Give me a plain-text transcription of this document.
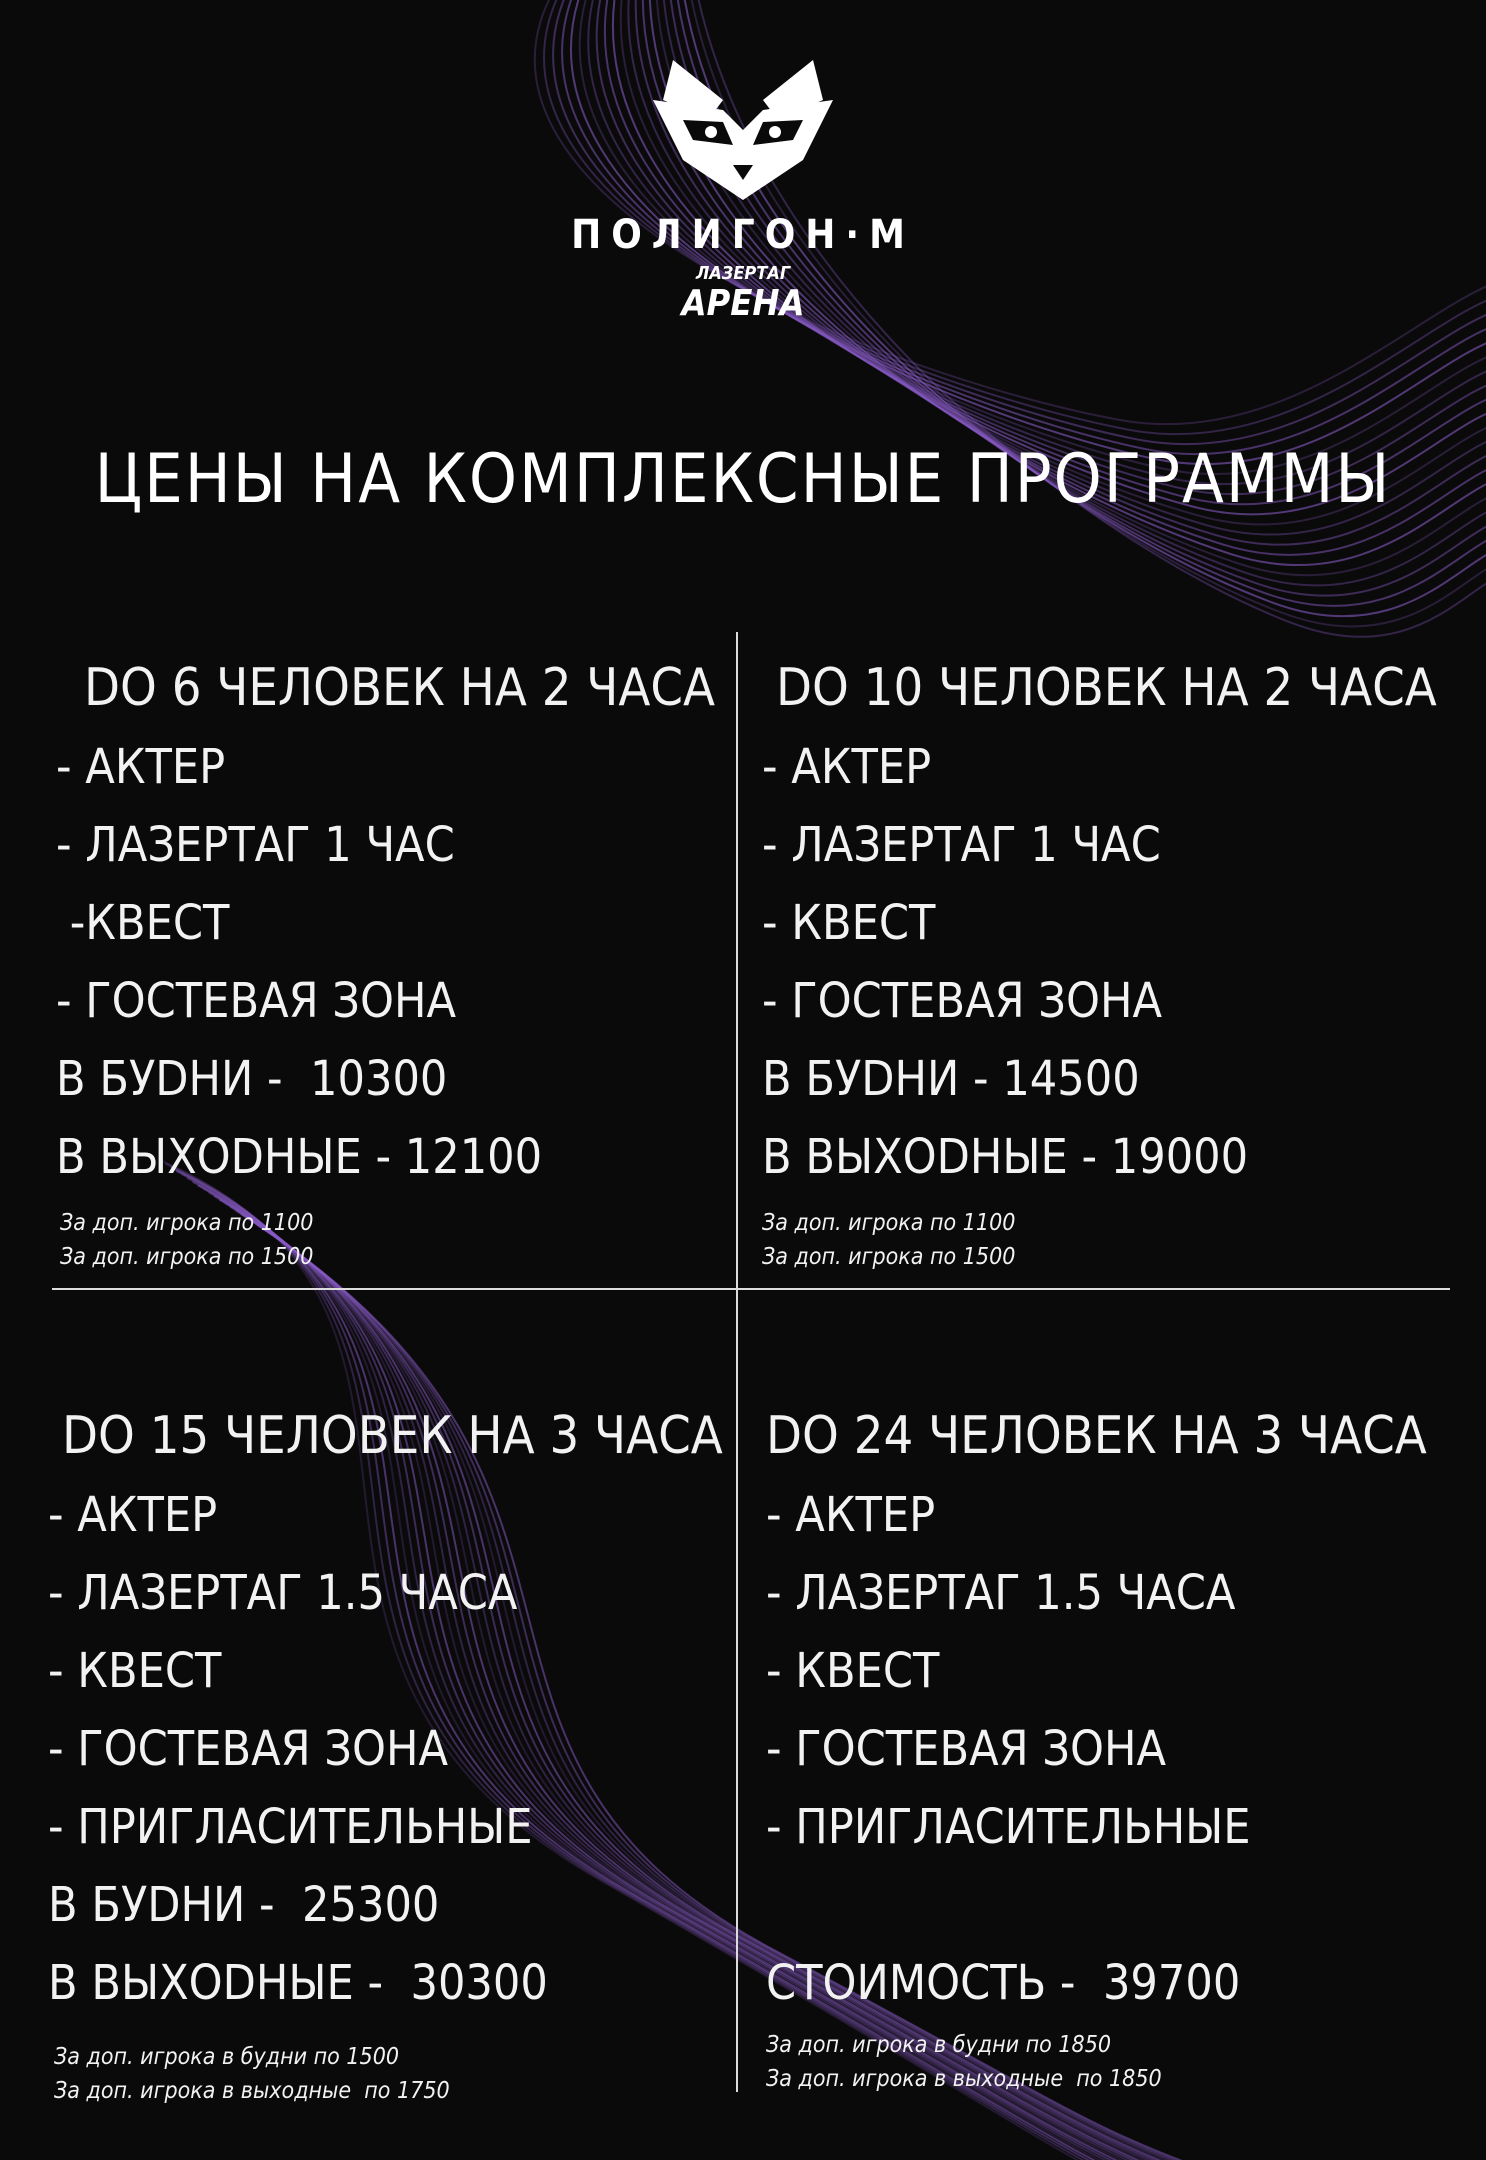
ПОЛИГОН·М
ЛАЗЕРТАГ
АРЕНА
ЦЕНЫ НА КОМПЛЕКСНЫЕ ПРОГРАММЫ
DO 6 ЧЕЛОВЕК НА 2 ЧАСА
- АКТЕР
- ЛАЗЕРТАГ 1 ЧАС
-КВЕСТ
- ГОСТЕВАЯ ЗОНА
В БУDНИ -  10300
В ВЫХОDНЫЕ - 12100
За доп. игрока по 1100
За доп. игрока по 1500
DO 10 ЧЕЛОВЕК НА 2 ЧАСА
- АКТЕР
- ЛАЗЕРТАГ 1 ЧАС
- КВЕСТ
- ГОСТЕВАЯ ЗОНА
В БУDНИ - 14500
В ВЫХОDНЫЕ - 19000
За доп. игрока по 1100
За доп. игрока по 1500
DO 15 ЧЕЛОВЕК НА 3 ЧАСА
- АКТЕР
- ЛАЗЕРТАГ 1.5 ЧАСА
- КВЕСТ
- ГОСТЕВАЯ ЗОНА
- ПРИГЛАСИТЕЛЬНЫЕ
В БУDНИ -  25300
В ВЫХОDНЫЕ -  30300
За доп. игрока в будни по 1500
За доп. игрока в выходные  по 1750
DO 24 ЧЕЛОВЕК НА 3 ЧАСА
- АКТЕР
- ЛАЗЕРТАГ 1.5 ЧАСА
- КВЕСТ
- ГОСТЕВАЯ ЗОНА
- ПРИГЛАСИТЕЛЬНЫЕ
СТОИМОСТЬ -  39700
За доп. игрока в будни по 1850
За доп. игрока в выходные  по 1850
